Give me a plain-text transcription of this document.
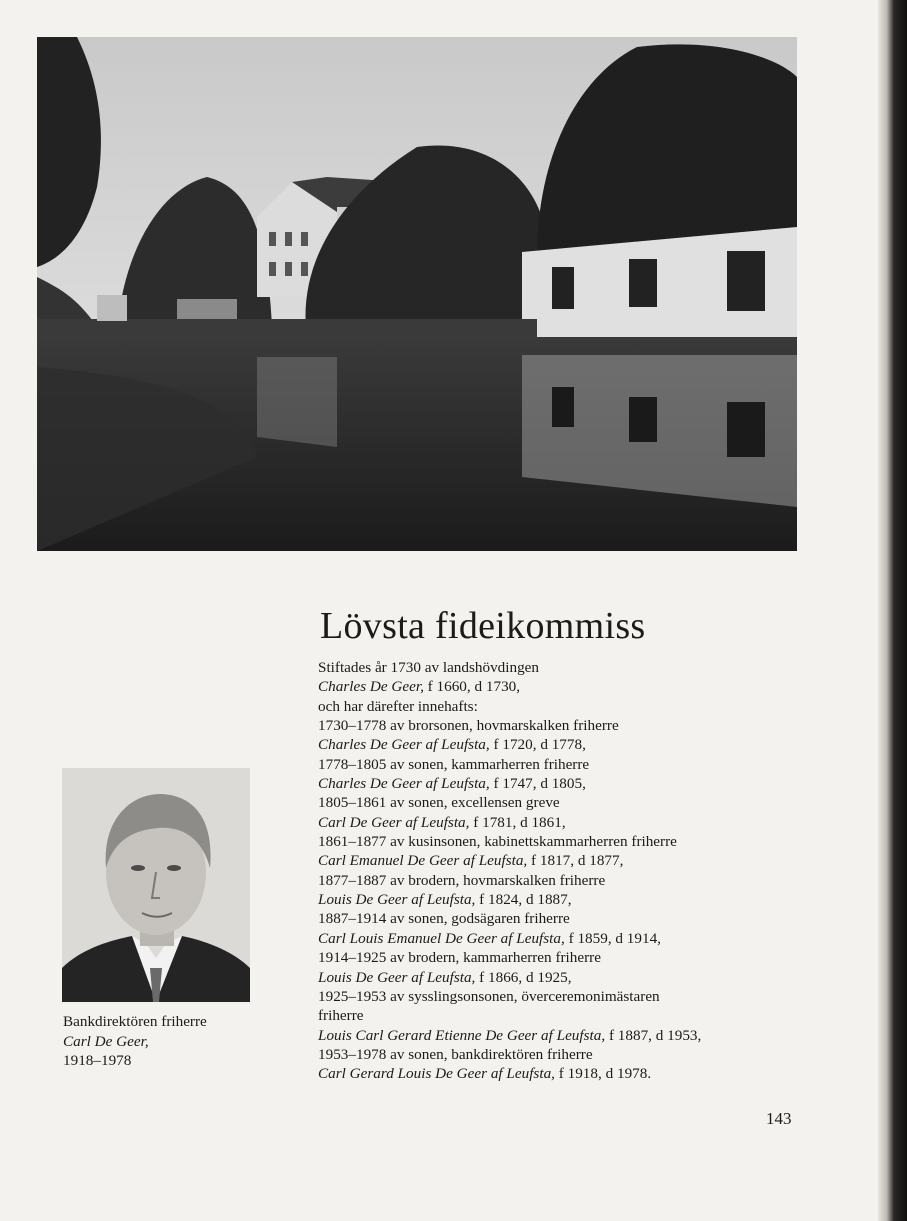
Lövsta fideikommiss
Stiftades år 1730 av landshövdingen
Charles De Geer, f 1660, d 1730,
och har därefter innehafts:
1730–1778 av brorsonen, hovmarskalken friherre
Charles De Geer af Leufsta, f 1720, d 1778,
1778–1805 av sonen, kammarherren friherre
Charles De Geer af Leufsta, f 1747, d 1805,
1805–1861 av sonen, excellensen greve
Carl De Geer af Leufsta, f 1781, d 1861,
1861–1877 av kusinsonen, kabinettskammarherren friherre
Carl Emanuel De Geer af Leufsta, f 1817, d 1877,
1877–1887 av brodern, hovmarskalken friherre
Louis De Geer af Leufsta, f 1824, d 1887,
1887–1914 av sonen, godsägaren friherre
Carl Louis Emanuel De Geer af Leufsta, f 1859, d 1914,
1914–1925 av brodern, kammarherren friherre
Louis De Geer af Leufsta, f 1866, d 1925,
1925–1953 av sysslingsonsonen, överceremonimästaren
friherre
Louis Carl Gerard Etienne De Geer af Leufsta, f 1887, d 1953,
1953–1978 av sonen, bankdirektören friherre
Carl Gerard Louis De Geer af Leufsta, f 1918, d 1978.
Bankdirektören friherre
Carl De Geer,
1918–1978
143
